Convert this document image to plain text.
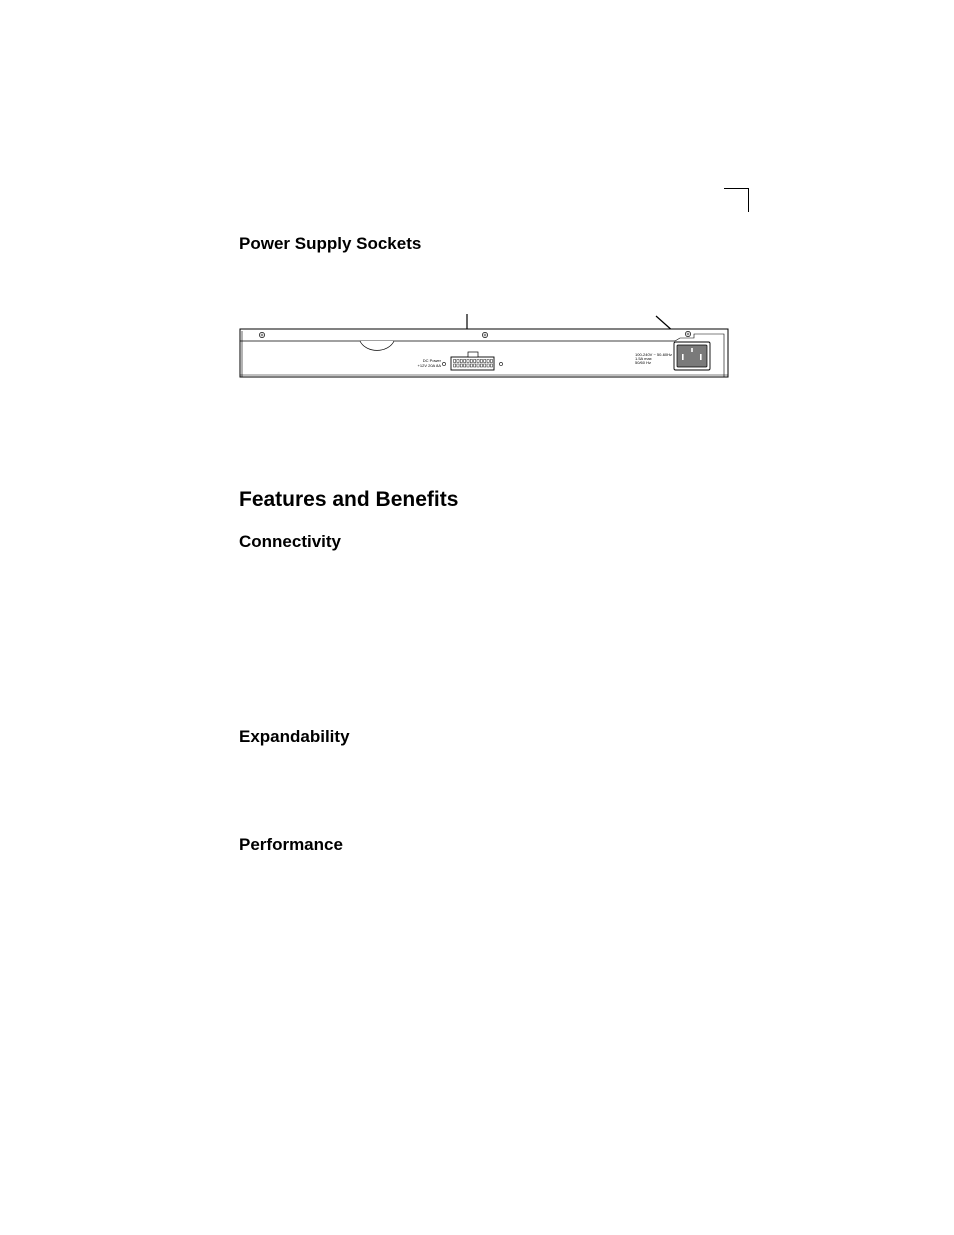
Power Supply Sockets
DC Power
+12V 20A 8A
100-240V ~ 50-60Hz
1.5A max
50/60 Hz
Features and Benefits
Connectivity
Expandability
Performance
